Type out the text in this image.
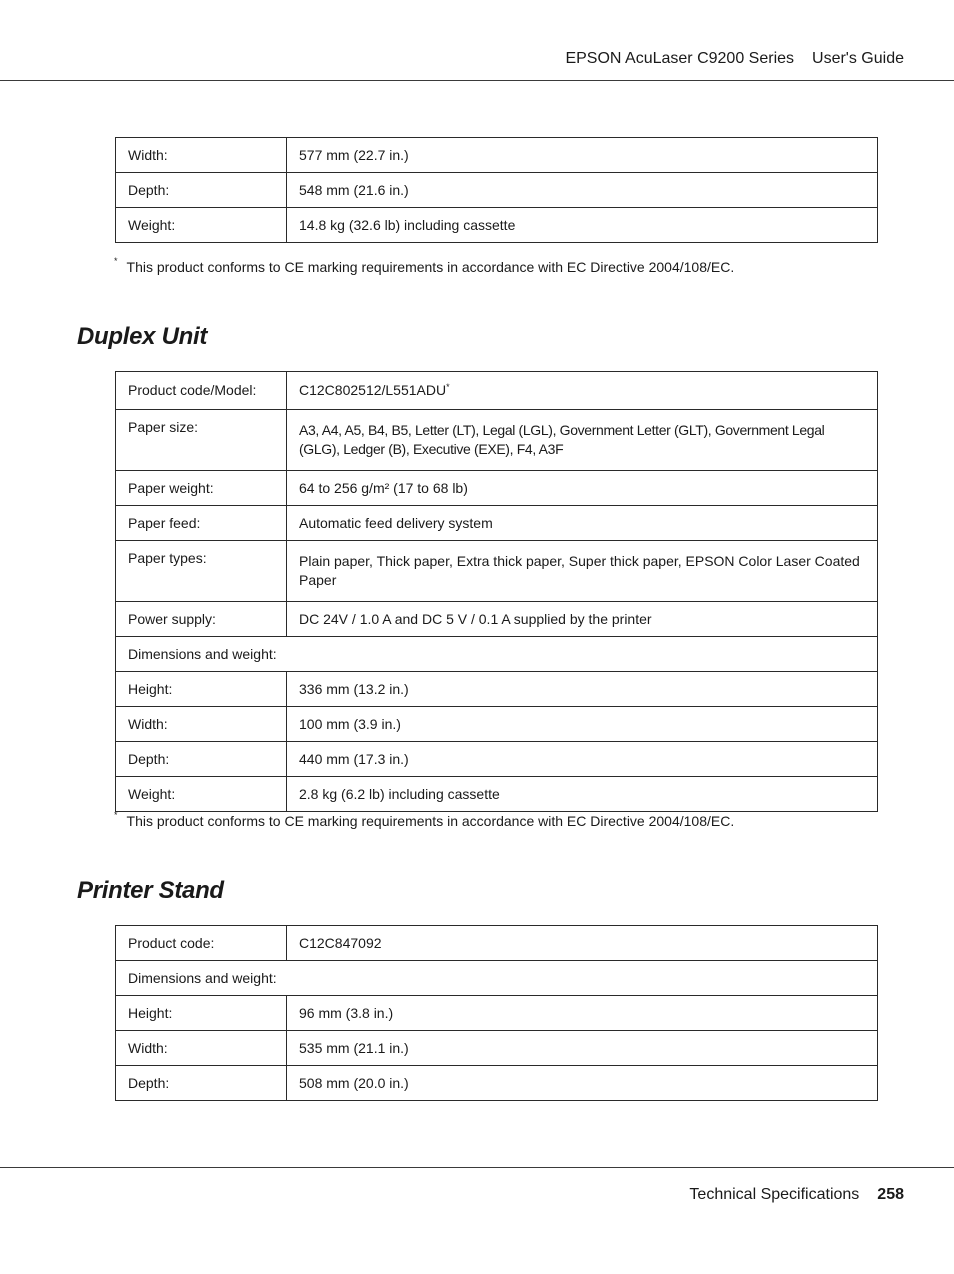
EPSON AcuLaser C9200 Series User's Guide
Width:	577 mm (22.7 in.)
Depth:	548 mm (21.6 in.)
Weight:	14.8 kg (32.6 lb) including cassette
* This product conforms to CE marking requirements in accordance with EC Directive 2004/108/EC.
Duplex Unit
Product code/Model:	C12C802512/L551ADU*
Paper size:	A3, A4, A5, B4, B5, Letter (LT), Legal (LGL), Government Letter (GLT), Government Legal (GLG), Ledger (B), Executive (EXE), F4, A3F
Paper weight:	64 to 256 g/m² (17 to 68 lb)
Paper feed:	Automatic feed delivery system
Paper types:	Plain paper, Thick paper, Extra thick paper, Super thick paper, EPSON Color Laser Coated Paper
Power supply:	DC 24V / 1.0 A and DC 5 V / 0.1 A supplied by the printer
Dimensions and weight:	
Height:	336 mm (13.2 in.)
Width:	100 mm (3.9 in.)
Depth:	440 mm (17.3 in.)
Weight:	2.8 kg (6.2 lb) including cassette
* This product conforms to CE marking requirements in accordance with EC Directive 2004/108/EC.
Printer Stand
Product code:	C12C847092
Dimensions and weight:	
Height:	96 mm (3.8 in.)
Width:	535 mm (21.1 in.)
Depth:	508 mm (20.0 in.)
Technical Specifications 258
